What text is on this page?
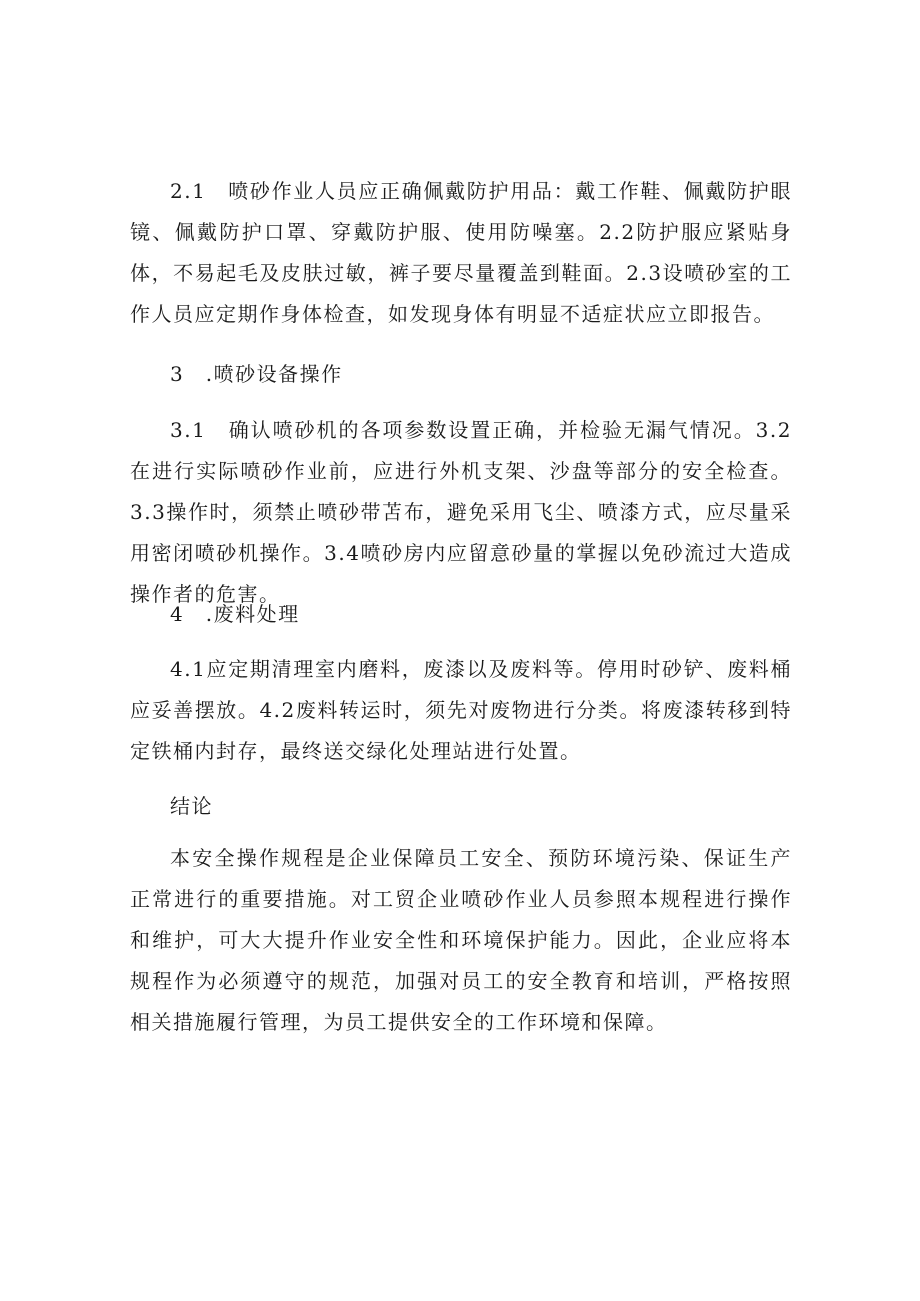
2.1　喷砂作业人员应正确佩戴防护用品：戴工作鞋、佩戴防护眼镜、佩戴防护口罩、穿戴防护服、使用防噪塞。2.2防护服应紧贴身体，不易起毛及皮肤过敏，裤子要尽量覆盖到鞋面。2.3设喷砂室的工作人员应定期作身体检查，如发现身体有明显不适症状应立即报告。

3　.喷砂设备操作

3.1　确认喷砂机的各项参数设置正确，并检验无漏气情况。3.2在进行实际喷砂作业前，应进行外机支架、沙盘等部分的安全检查。3.3操作时，须禁止喷砂带苫布，避免采用飞尘、喷漆方式，应尽量采用密闭喷砂机操作。3.4喷砂房内应留意砂量的掌握以免砂流过大造成操作者的危害。

4　.废料处理

4.1应定期清理室内磨料，废漆以及废料等。停用时砂铲、废料桶应妥善摆放。4.2废料转运时，须先对废物进行分类。将废漆转移到特定铁桶内封存，最终送交绿化处理站进行处置。

结论

本安全操作规程是企业保障员工安全、预防环境污染、保证生产正常进行的重要措施。对工贸企业喷砂作业人员参照本规程进行操作和维护，可大大提升作业安全性和环境保护能力。因此，企业应将本规程作为必须遵守的规范，加强对员工的安全教育和培训，严格按照相关措施履行管理，为员工提供安全的工作环境和保障。
